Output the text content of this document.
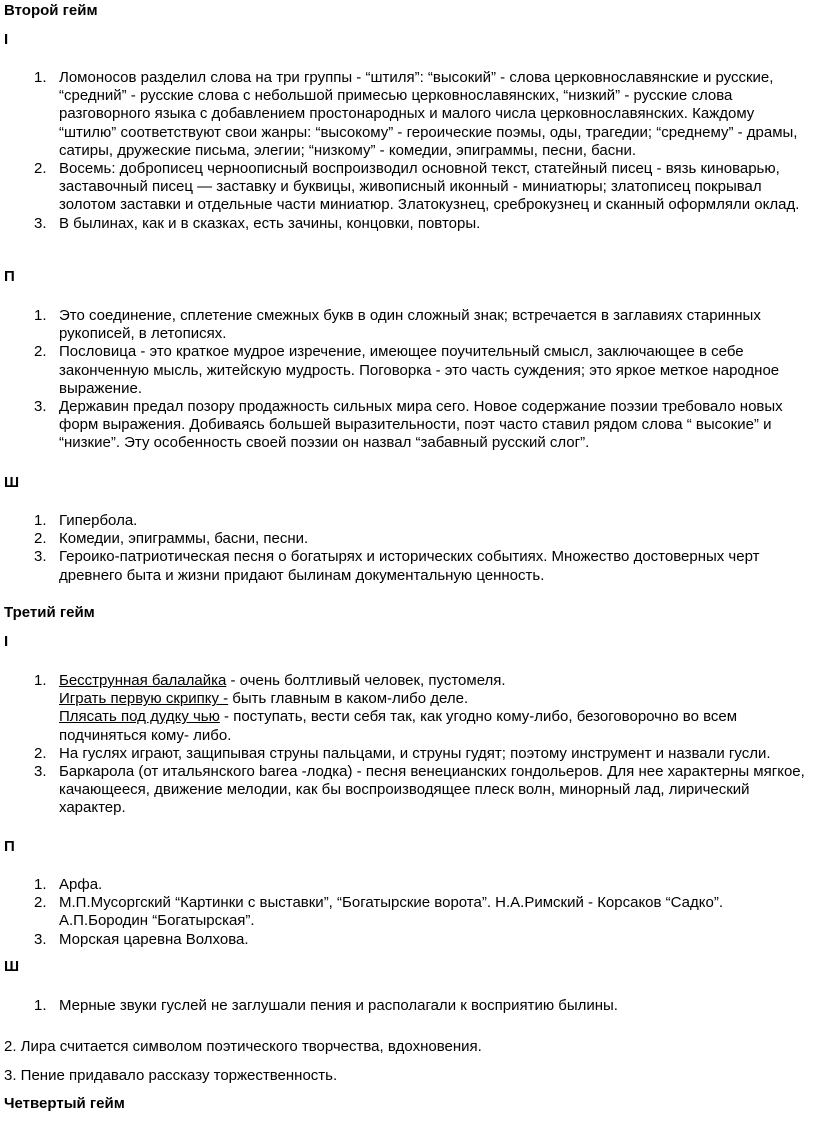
Второй гейм
I
1. Ломоносов разделил слова на три группы - “штиля”: “высокий” - слова церковнославянские и русские, “средний” - русские слова с небольшой примесью церковнославянских, “низкий” - русские слова разговорного языка с добавлением простонародных и малого числа церковнославянских. Каждому “штилю” соответствуют свои жанры: “высокому” - героические поэмы, оды, трагедии; “среднему” - драмы, сатиры, дружеские письма, элегии; “низкому” - комедии, эпиграммы, песни, басни.
2. Восемь: доброписец черноописный воспроизводил основной текст, статейный писец - вязь киноварью, заставочный писец — заставку и буквицы, живописный иконный - миниатюры; златописец покрывал золотом заставки и отдельные части миниатюр. Златокузнец, среброкузнец и сканный оформляли оклад.
3. В былинах, как и в сказках, есть зачины, концовки, повторы.
П
1. Это соединение, сплетение смежных букв в один сложный знак; встречается в заглавиях старинных рукописей, в летописях.
2. Пословица - это краткое мудрое изречение, имеющее поучительный смысл, заключающее в себе законченную мысль, житейскую мудрость. Поговорка - это часть суждения; это яркое меткое народное выражение.
3. Державин предал позору продажность сильных мира сего. Новое содержание поэзии требовало новых форм выражения. Добиваясь большей выразительности, поэт часто ставил рядом слова “ высокие” и “низкие”. Эту особенность своей поэзии он назвал “забавный русский слог”.
Ш
1. Гипербола.
2. Комедии, эпиграммы, басни, песни.
3. Героико-патриотическая песня о богатырях и исторических событиях. Множество достоверных черт древнего быта и жизни придают былинам документальную ценность.
Третий гейм
I
1. Бесструнная балалайка - очень болтливый человек, пустомеля.
Играть первую скрипку - быть главным в каком-либо деле.
Плясать под дудку чью - поступать, вести себя так, как угодно кому-либо, безоговорочно во всем подчиняться кому- либо.
2. На гуслях играют, защипывая струны пальцами, и струны гудят; поэтому инструмент и назвали гусли.
3. Баркарола (от итальянского barea -лодка) - песня венецианских гондольеров. Для нее характерны мягкое, качающееся, движение мелодии, как бы воспроизводящее плеск волн, минорный лад, лирический характер.
П
1. Арфа.
2. М.П.Мусоргский “Картинки с выставки”, “Богатырские ворота”. Н.А.Римский - Корсаков “Садко”. А.П.Бородин “Богатырская”.
3. Морская царевна Волхова.
Ш
1. Мерные звуки гуслей не заглушали пения и располагали к восприятию былины.

2. Лира считается символом поэтического творчества, вдохновения.

3. Пение придавало рассказу торжественность.

Четвертый гейм
